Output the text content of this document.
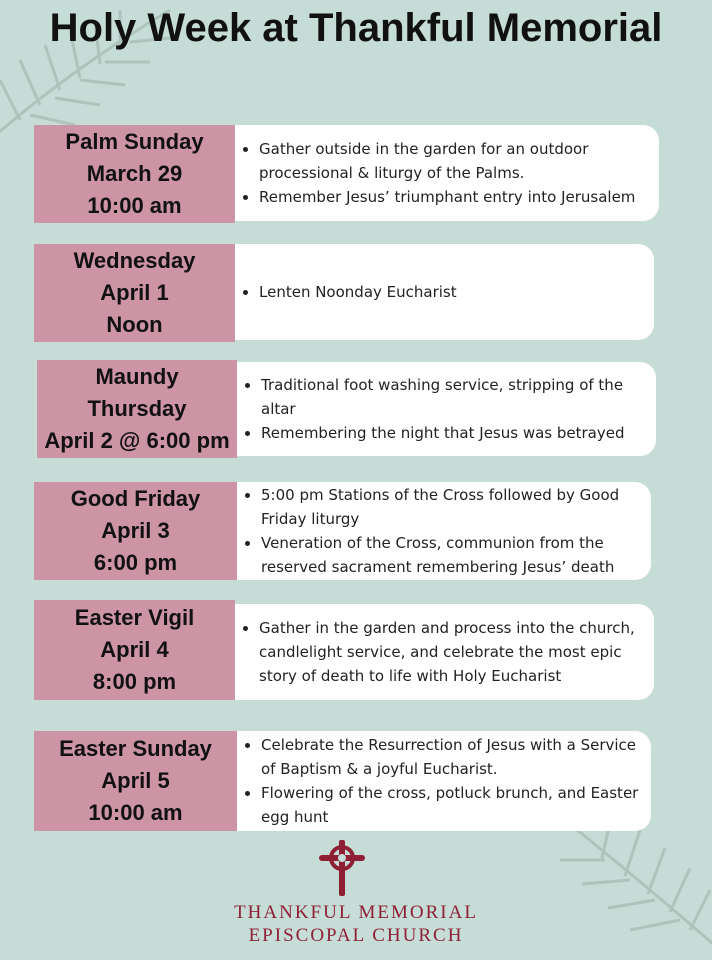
Holy Week at Thankful Memorial
Palm Sunday
March 29
10:00 am
• Gather outside in the garden for an outdoor processional & liturgy of the Palms.
• Remember Jesus’ triumphant entry into Jerusalem
Wednesday
April 1
Noon
• Lenten Noonday Eucharist
Maundy
Thursday
April 2 @ 6:00 pm
• Traditional foot washing service, stripping of the altar
• Remembering the night that Jesus was betrayed
Good Friday
April 3
6:00 pm
• 5:00 pm Stations of the Cross followed by Good Friday liturgy
• Veneration of the Cross, communion from the reserved sacrament remembering Jesus’ death
Easter Vigil
April 4
8:00 pm
• Gather in the garden and process into the church, candlelight service, and celebrate the most epic story of death to life with Holy Eucharist
Easter Sunday
April 5
10:00 am
• Celebrate the Resurrection of Jesus with a Service of Baptism & a joyful Eucharist.
• Flowering of the cross, potluck brunch, and Easter egg hunt
THANKFUL MEMORIAL
EPISCOPAL CHURCH
